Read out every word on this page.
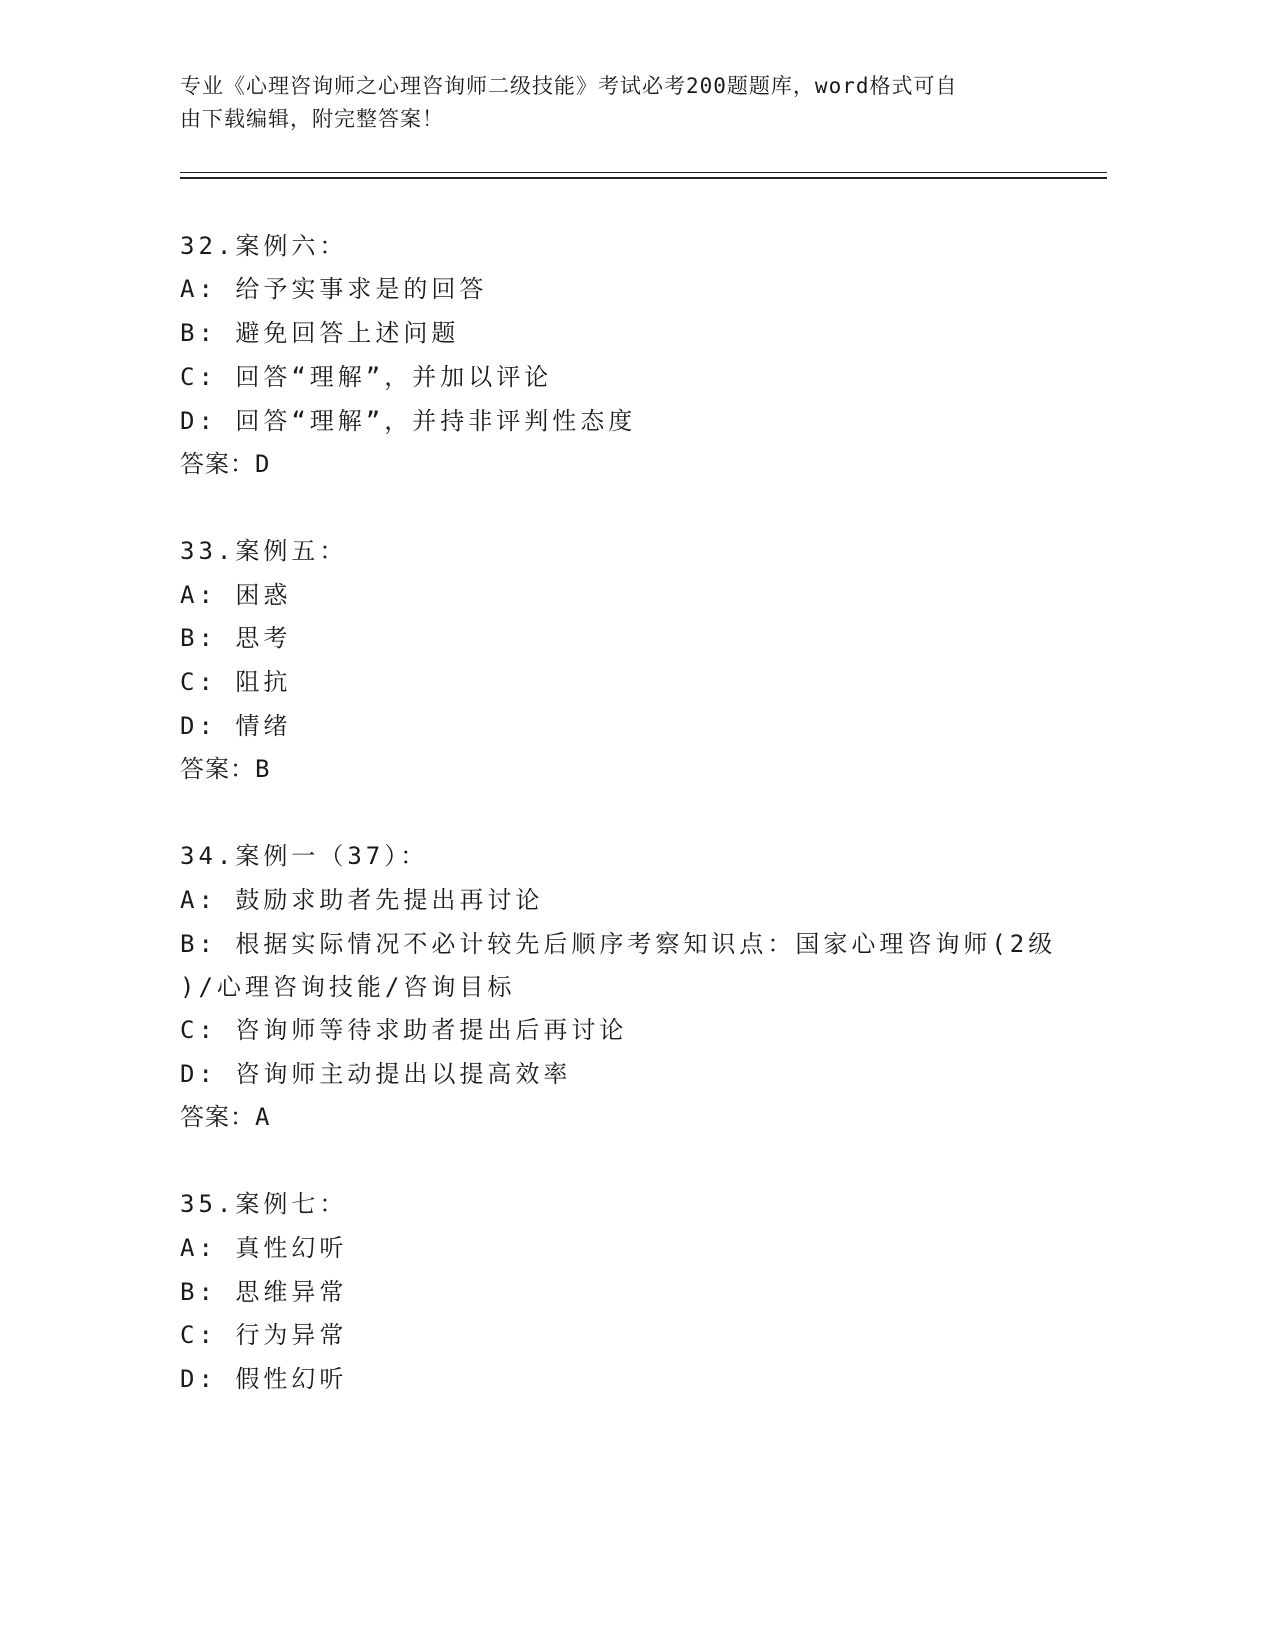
专业《心理咨询师之心理咨询师二级技能》考试必考200题题库，word格式可自
由下载编辑，附完整答案！
32.案例六：
A: 给予实事求是的回答
B: 避免回答上述问题
C: 回答“理解”，并加以评论
D: 回答“理解”，并持非评判性态度
答案：D
33.案例五：
A: 困惑
B: 思考
C: 阻抗
D: 情绪
答案：B
34.案例一（37）：
A: 鼓励求助者先提出再讨论
B: 根据实际情况不必计较先后顺序考察知识点：国家心理咨询师(2级
)/心理咨询技能/咨询目标
C: 咨询师等待求助者提出后再讨论
D: 咨询师主动提出以提高效率
答案：A
35.案例七：
A: 真性幻听
B: 思维异常
C: 行为异常
D: 假性幻听
